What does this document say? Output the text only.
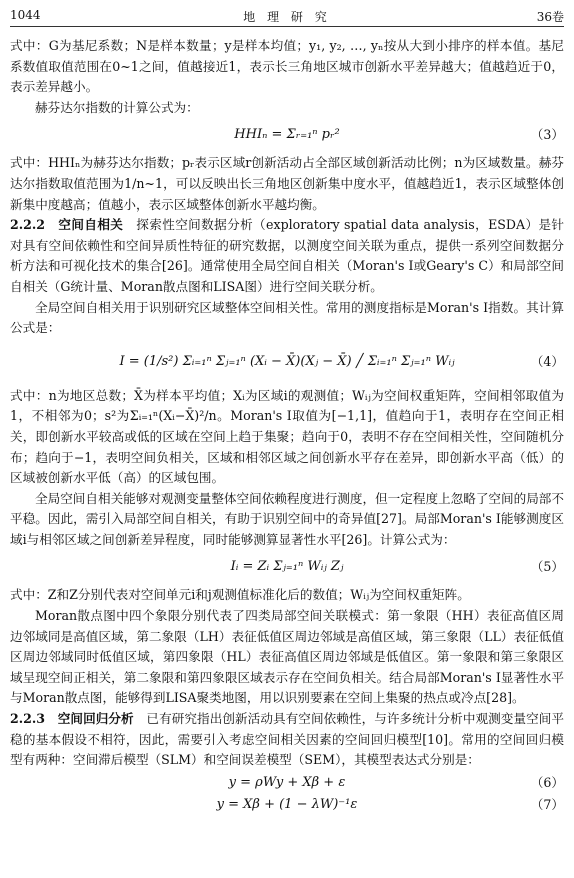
1044	地 理 研 究	36卷

式中：G为基尼系数；N是样本数量；y是样本均值；y₁, y₂, …, yₙ按从大到小排序的样本值。基尼系数值取值范围在0~1之间，值越接近1，表示长三角地区城市创新水平差异越大；值越趋近于0，表示差异越小。

赫芬达尔指数的计算公式为：

HHIₙ = Σᵣ₌₁ⁿ pᵣ²	（3）

式中：HHIₙ为赫芬达尔指数；pᵣ表示区域r创新活动占全部区域创新活动比例；n为区域数量。赫芬达尔指数取值范围为1/n~1，可以反映出长三角地区创新集中度水平，值越趋近1，表示区域整体创新集中度越高；值越小，表示区域整体创新水平越均衡。

2.2.2　空间自相关　 探索性空间数据分析（exploratory spatial data analysis，ESDA）是针对具有空间依赖性和空间异质性特征的研究数据，以测度空间关联为重点，提供一系列空间数据分析方法和可视化技术的集合[26]。通常使用全局空间自相关（Moran's I或Geary's C）和局部空间自相关（G统计量、Moran散点图和LISA图）进行空间关联分析。

全局空间自相关用于识别研究区域整体空间相关性。常用的测度指标是Moran's I指数。其计算公式是：

I = (1/s²) Σᵢ₌₁ⁿ Σⱼ₌₁ⁿ (Xᵢ − X̄)(Xⱼ − X̄) ╱ Σᵢ₌₁ⁿ Σⱼ₌₁ⁿ Wᵢⱼ	（4）

式中：n为地区总数；X̄为样本平均值；Xᵢ为区域i的观测值；Wᵢⱼ为空间权重矩阵，空间相邻取值为1，不相邻为0；s²为Σᵢ₌₁ⁿ(Xᵢ−X̄)²/n。Moran's I取值为[−1,1]，值趋向于1，表明存在空间正相关，即创新水平较高或低的区域在空间上趋于集聚；趋向于0，表明不存在空间相关性，空间随机分布；趋向于−1，表明空间负相关，区域和相邻区域之间创新水平存在差异，即创新水平高（低）的区域被创新水平低（高）的区域包围。

全局空间自相关能够对观测变量整体空间依赖程度进行测度，但一定程度上忽略了空间的局部不平稳。因此，需引入局部空间自相关，有助于识别空间中的奇异值[27]。局部Moran's I能够测度区域i与相邻区域之间创新差异程度，同时能够测算显著性水平[26]。计算公式为：

Iᵢ = Zᵢ Σⱼ₌₁ⁿ Wᵢⱼ Zⱼ	（5）

式中：Z和Z分别代表对空间单元i和j观测值标准化后的数值；Wᵢⱼ为空间权重矩阵。

Moran散点图中四个象限分别代表了四类局部空间关联模式：第一象限（HH）表征高值区周边邻域同是高值区域，第二象限（LH）表征低值区周边邻域是高值区域，第三象限（LL）表征低值区周边邻域同时低值区域，第四象限（HL）表征高值区周边邻域是低值区。第一象限和第三象限区域呈现空间正相关，第二象限和第四象限区域表示存在空间负相关。结合局部Moran's I显著性水平与Moran散点图，能够得到LISA聚类地图，用以识别要素在空间上集聚的热点或冷点[28]。

2.2.3　空间回归分析　 已有研究指出创新活动具有空间依赖性，与许多统计分析中观测变量空间平稳的基本假设不相符，因此，需要引入考虑空间相关因素的空间回归模型[10]。常用的空间回归模型有两种：空间滞后模型（SLM）和空间误差模型（SEM），其模型表达式分别是：

y = ρWy + Xβ + ε	（6）
y = Xβ + (1 − λW)⁻¹ε	（7）
